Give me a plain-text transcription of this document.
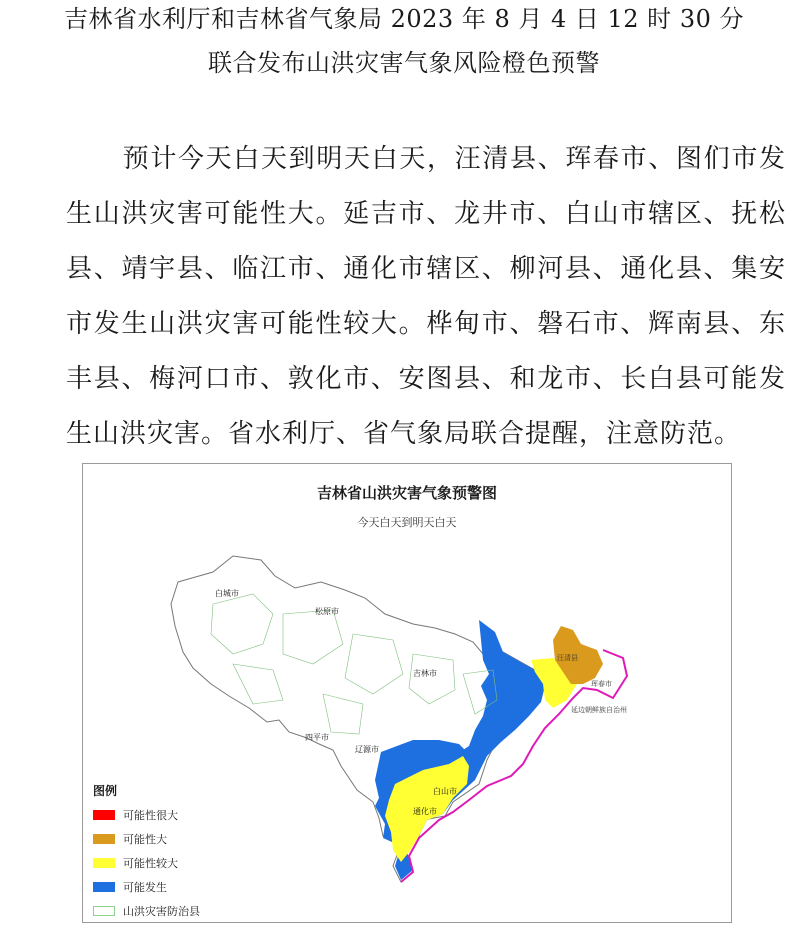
吉林省水利厅和吉林省气象局 2023 年 8 月 4 日 12 时 30 分
联合发布山洪灾害气象风险橙色预警
预计今天白天到明天白天，汪清县、珲春市、图们市发生山洪灾害可能性大。延吉市、龙井市、白山市辖区、抚松县、靖宇县、临江市、通化市辖区、柳河县、通化县、集安市发生山洪灾害可能性较大。桦甸市、磐石市、辉南县、东丰县、梅河口市、敦化市、安图县、和龙市、长白县可能发生山洪灾害。省水利厅、省气象局联合提醒，注意防范。
吉林省山洪灾害气象预警图
今天白天到明天白天
白城市
松原市
吉林市
四平市
辽源市
通化市
白山市
延边朝鲜族自治州
汪清县
珲春市
图例
可能性很大
可能性大
可能性较大
可能发生
山洪灾害防治县
